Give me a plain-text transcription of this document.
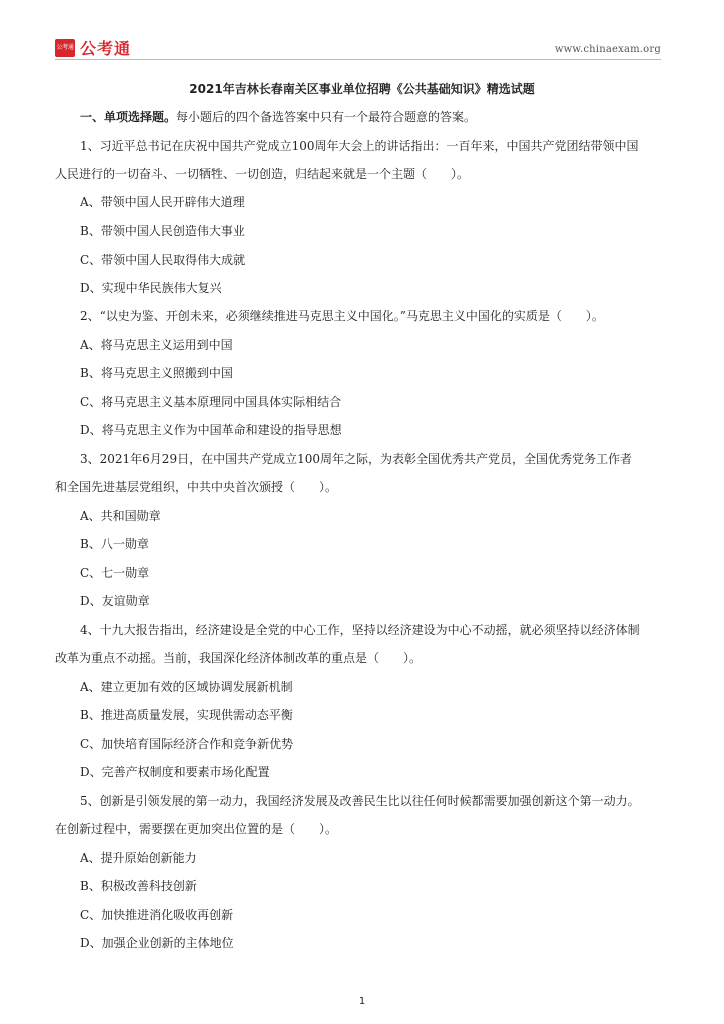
公考通 公考通	www.chinaexam.org
2021年吉林长春南关区事业单位招聘《公共基础知识》精选试题
一、单项选择题。每小题后的四个备选答案中只有一个最符合题意的答案。
1、习近平总书记在庆祝中国共产党成立100周年大会上的讲话指出：一百年来，中国共产党团结带领中国
人民进行的一切奋斗、一切牺牲、一切创造，归结起来就是一个主题（　　）。
A、带领中国人民开辟伟大道理
B、带领中国人民创造伟大事业
C、带领中国人民取得伟大成就
D、实现中华民族伟大复兴
2、“以史为鉴、开创未来，必须继续推进马克思主义中国化。”马克思主义中国化的实质是（　　）。
A、将马克思主义运用到中国
B、将马克思主义照搬到中国
C、将马克思主义基本原理同中国具体实际相结合
D、将马克思主义作为中国革命和建设的指导思想
3、2021年6月29日，在中国共产党成立100周年之际，为表彰全国优秀共产党员，全国优秀党务工作者
和全国先进基层党组织，中共中央首次颁授（　　）。
A、共和国勋章
B、八一勋章
C、七一勋章
D、友谊勋章
4、十九大报告指出，经济建设是全党的中心工作，坚持以经济建设为中心不动摇，就必须坚持以经济体制
改革为重点不动摇。当前，我国深化经济体制改革的重点是（　　）。
A、建立更加有效的区域协调发展新机制
B、推进高质量发展，实现供需动态平衡
C、加快培育国际经济合作和竞争新优势
D、完善产权制度和要素市场化配置
5、创新是引领发展的第一动力，我国经济发展及改善民生比以往任何时候都需要加强创新这个第一动力。
在创新过程中，需要摆在更加突出位置的是（　　）。
A、提升原始创新能力
B、积极改善科技创新
C、加快推进消化吸收再创新
D、加强企业创新的主体地位
1
